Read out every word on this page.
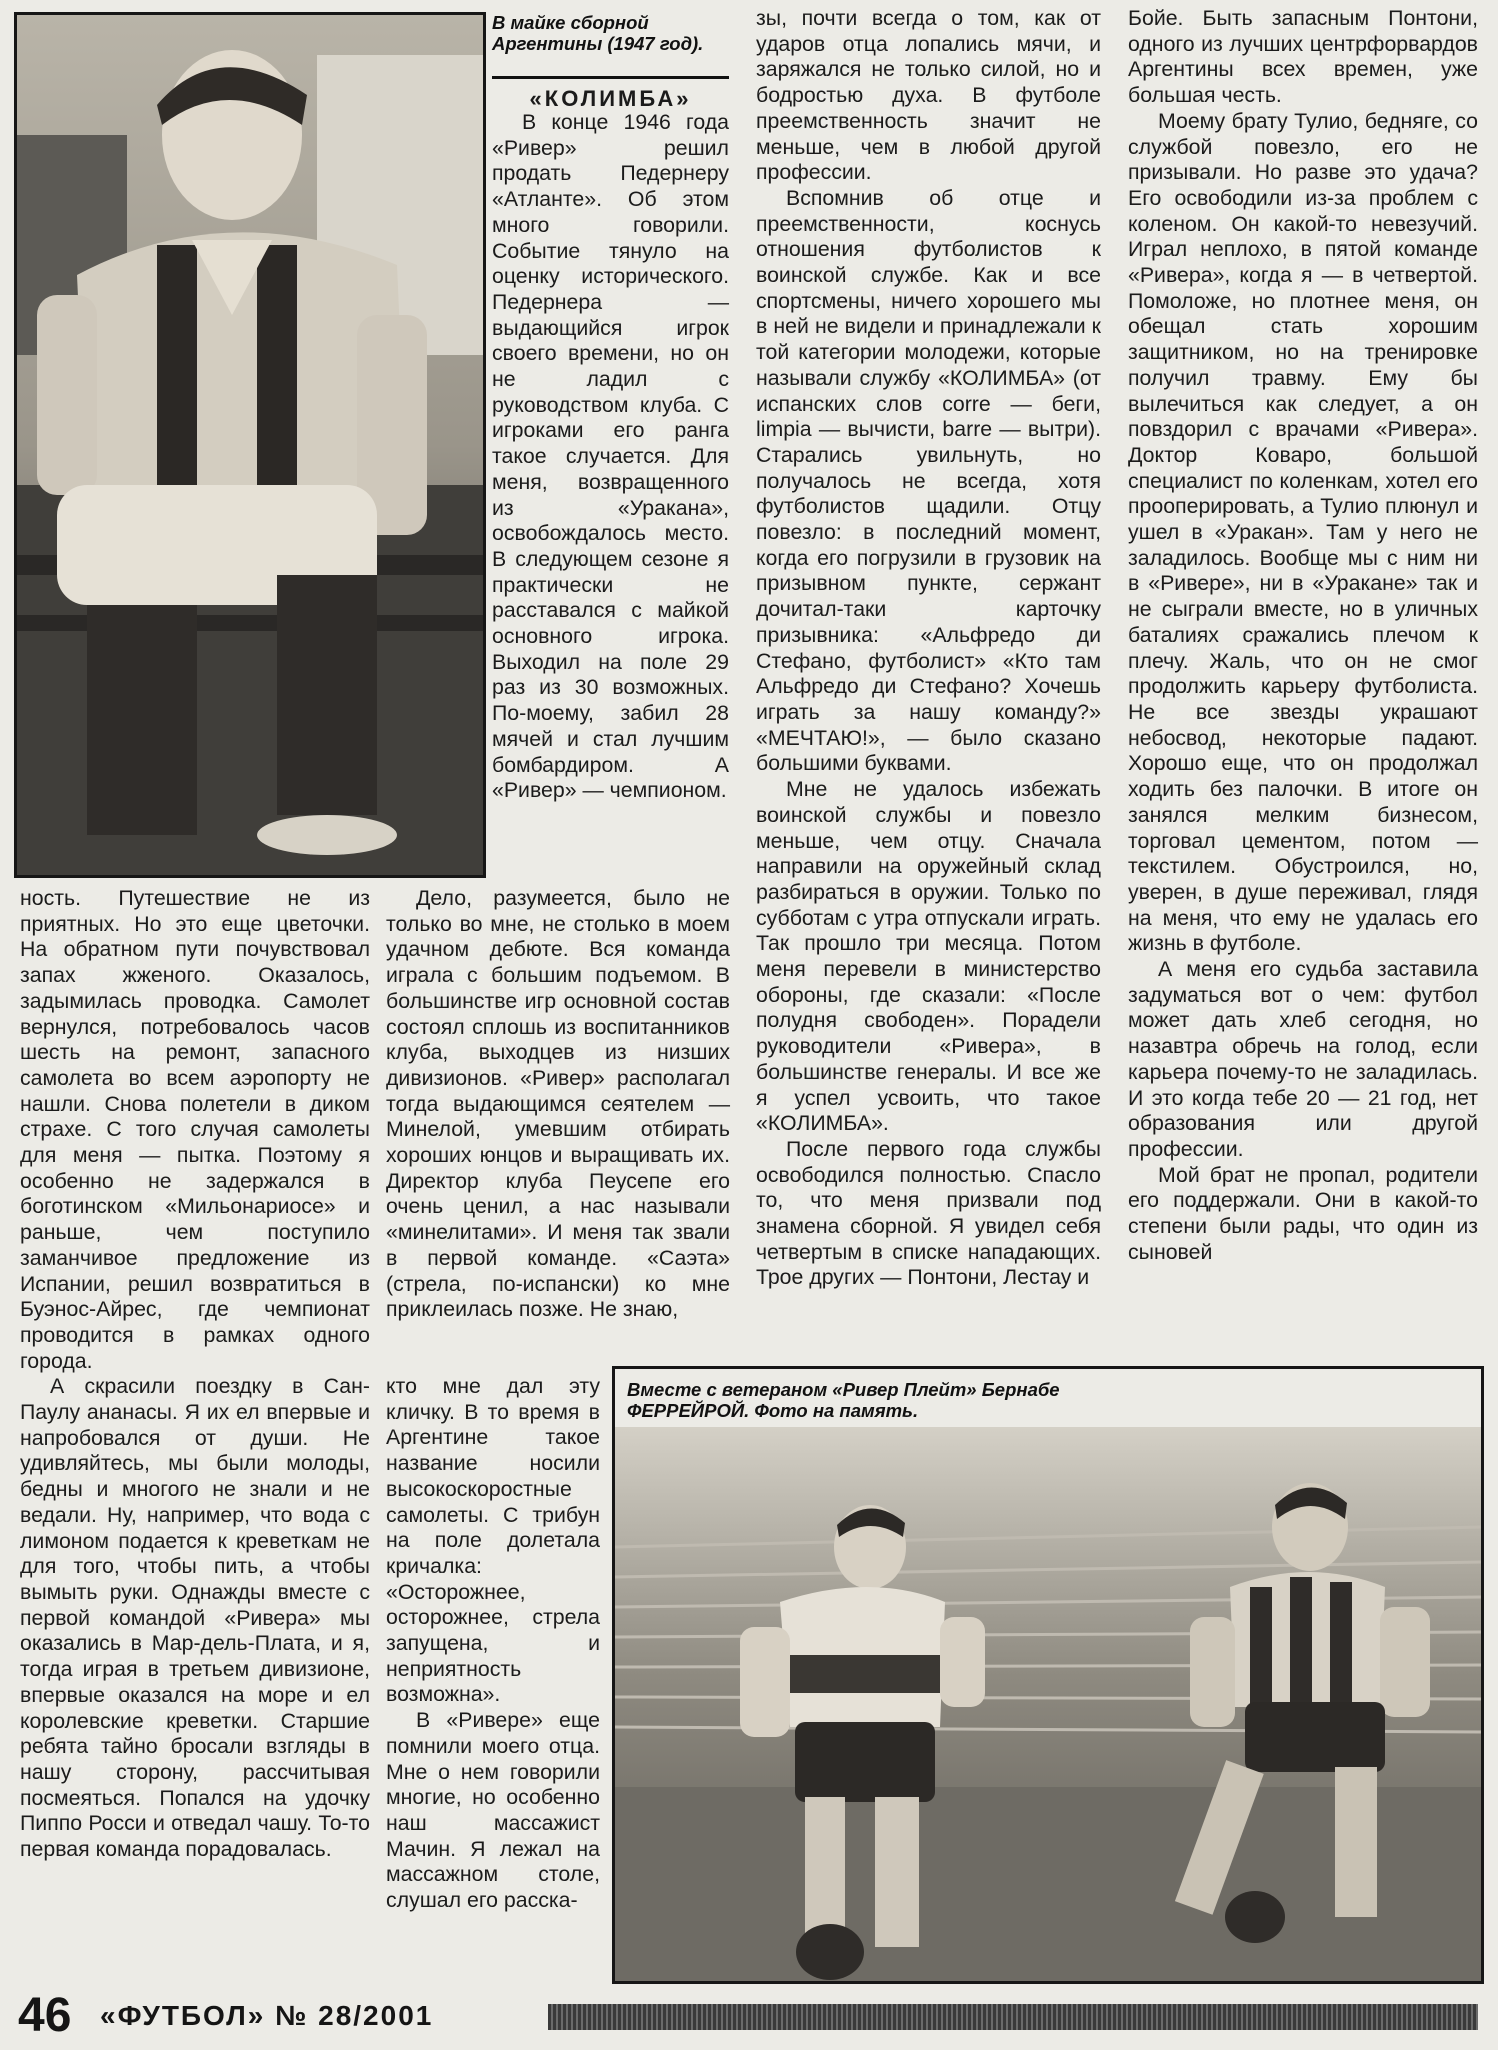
В майке сборной Аргентины (1947 год).
«КОЛИМБА»

В конце 1946 года «Ривер» решил продать Педернеру «Атланте». Об этом много говорили. Событие тянуло на оценку исторического. Педернера — выдающийся игрок своего времени, но он не ладил с руководством клуба. С игроками его ранга такое случается. Для меня, возвращенного из «Уракана», освобождалось место. В следующем сезоне я практически не расставался с майкой основного игрока. Выходил на поле 29 раз из 30 возможных. По-моему, забил 28 мячей и стал лучшим бомбардиром. А «Ривер» — чемпионом.

ность. Путешествие не из приятных. Но это еще цветочки. На обратном пути почувствовал запах жженого. Оказалось, задымилась проводка. Самолет вернулся, потребовалось часов шесть на ремонт, запасного самолета во всем аэропорту не нашли. Снова полетели в диком страхе. С того случая самолеты для меня — пытка. Поэтому я особенно не задержался в боготинском «Мильонариосе» и раньше, чем поступило заманчивое предложение из Испании, решил возвратиться в Буэнос-Айрес, где чемпионат проводится в рамках одного города.

А скрасили поездку в Сан-Паулу ананасы. Я их ел впервые и напробовался от души. Не удивляйтесь, мы были молоды, бедны и многого не знали и не ведали. Ну, например, что вода с лимоном подается к креветкам не для того, чтобы пить, а чтобы вымыть руки. Однажды вместе с первой командой «Ривера» мы оказались в Мар-дель-Плата, и я, тогда играя в третьем дивизионе, впервые оказался на море и ел королевские креветки. Старшие ребята тайно бросали взгляды в нашу сторону, рассчитывая посмеяться. Попался на удочку Пиппо Росси и отведал чашу. То-то первая команда порадовалась.

Дело, разумеется, было не только во мне, не столько в моем удачном дебюте. Вся команда играла с большим подъемом. В большинстве игр основной состав состоял сплошь из воспитанников клуба, выходцев из низших дивизионов. «Ривер» располагал тогда выдающимся сеятелем — Минелой, умевшим отбирать хороших юнцов и выращивать их. Директор клуба Пеусепе его очень ценил, а нас называли «минелитами». И меня так звали в первой команде. «Саэта» (стрела, по-испански) ко мне приклеилась позже. Не знаю,

кто мне дал эту кличку. В то время в Аргентине такое название носили высокоскоростные самолеты. С трибун на поле долетала кричалка: «Осторожнее, осторожнее, стрела запущена, и неприятность возможна».

В «Ривере» еще помнили моего отца. Мне о нем говорили многие, но особенно наш массажист Мачин. Я лежал на массажном столе, слушал его расска-

зы, почти всегда о том, как от ударов отца лопались мячи, и заряжался не только силой, но и бодростью духа. В футболе преемственность значит не меньше, чем в любой другой профессии.

Вспомнив об отце и преемственности, коснусь отношения футболистов к воинской службе. Как и все спортсмены, ничего хорошего мы в ней не видели и принадлежали к той категории молодежи, которые называли службу «КОЛИМБА» (от испанских слов corre — беги, limpia — вычисти, barre — вытри). Старались увильнуть, но получалось не всегда, хотя футболистов щадили. Отцу повезло: в последний момент, когда его погрузили в грузовик на призывном пункте, сержант дочитал-таки карточку призывника: «Альфредо ди Стефано, футболист» «Кто там Альфредо ди Стефано? Хочешь играть за нашу команду?» «МЕЧТАЮ!», — было сказано большими буквами.

Мне не удалось избежать воинской службы и повезло меньше, чем отцу. Сначала направили на оружейный склад разбираться в оружии. Только по субботам с утра отпускали играть. Так прошло три месяца. Потом меня перевели в министерство обороны, где сказали: «После полудня свободен». Порадели руководители «Ривера», в большинстве генералы. И все же я успел усвоить, что такое «КОЛИМБА».

После первого года службы освободился полностью. Спасло то, что меня призвали под знамена сборной. Я увидел себя четвертым в списке нападающих. Трое других — Понтони, Лестау и

Бойе. Быть запасным Понтони, одного из лучших центрфорвардов Аргентины всех времен, уже большая честь.

Моему брату Тулио, бедняге, со службой повезло, его не призывали. Но разве это удача? Его освободили из-за проблем с коленом. Он какой-то невезучий. Играл неплохо, в пятой команде «Ривера», когда я — в четвертой. Помоложе, но плотнее меня, он обещал стать хорошим защитником, но на тренировке получил травму. Ему бы вылечиться как следует, а он повздорил с врачами «Ривера». Доктор Коваро, большой специалист по коленкам, хотел его прооперировать, а Тулио плюнул и ушел в «Уракан». Там у него не заладилось. Вообще мы с ним ни в «Ривере», ни в «Уракане» так и не сыграли вместе, но в уличных баталиях сражались плечом к плечу. Жаль, что он не смог продолжить карьеру футболиста. Не все звезды украшают небосвод, некоторые падают. Хорошо еще, что он продолжал ходить без палочки. В итоге он занялся мелким бизнесом, торговал цементом, потом — текстилем. Обустроился, но, уверен, в душе переживал, глядя на меня, что ему не удалась его жизнь в футболе.

А меня его судьба заставила задуматься вот о чем: футбол может дать хлеб сегодня, но назавтра обречь на голод, если карьера почему-то не заладилась. И это когда тебе 20 — 21 год, нет образования или другой профессии.

Мой брат не пропал, родители его поддержали. Они в какой-то степени были рады, что один из сыновей

Вместе с ветераном «Ривер Плейт» Бернабе ФЕРРЕЙРОЙ. Фото на память.
46 «ФУТБОЛ» № 28/2001
